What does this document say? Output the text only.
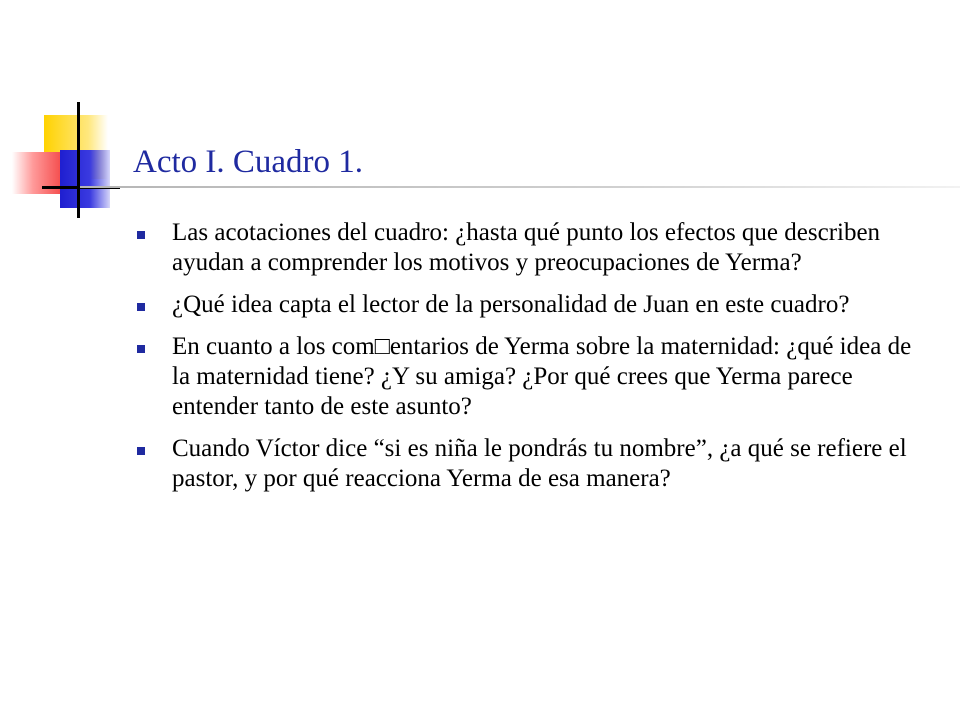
Acto I. Cuadro 1.
Las acotaciones del cuadro: ¿hasta qué punto los efectos que describen ayudan a comprender los motivos y preocupaciones de Yerma?
¿Qué idea capta el lector de la personalidad de Juan en este cuadro?
En cuanto a los com□entarios de Yerma sobre la maternidad: ¿qué idea de la maternidad tiene? ¿Y su amiga? ¿Por qué crees que Yerma parece entender tanto de este asunto?
Cuando Víctor dice “si es niña le pondrás tu nombre”, ¿a qué se refiere el pastor, y por qué reacciona Yerma de esa manera?
